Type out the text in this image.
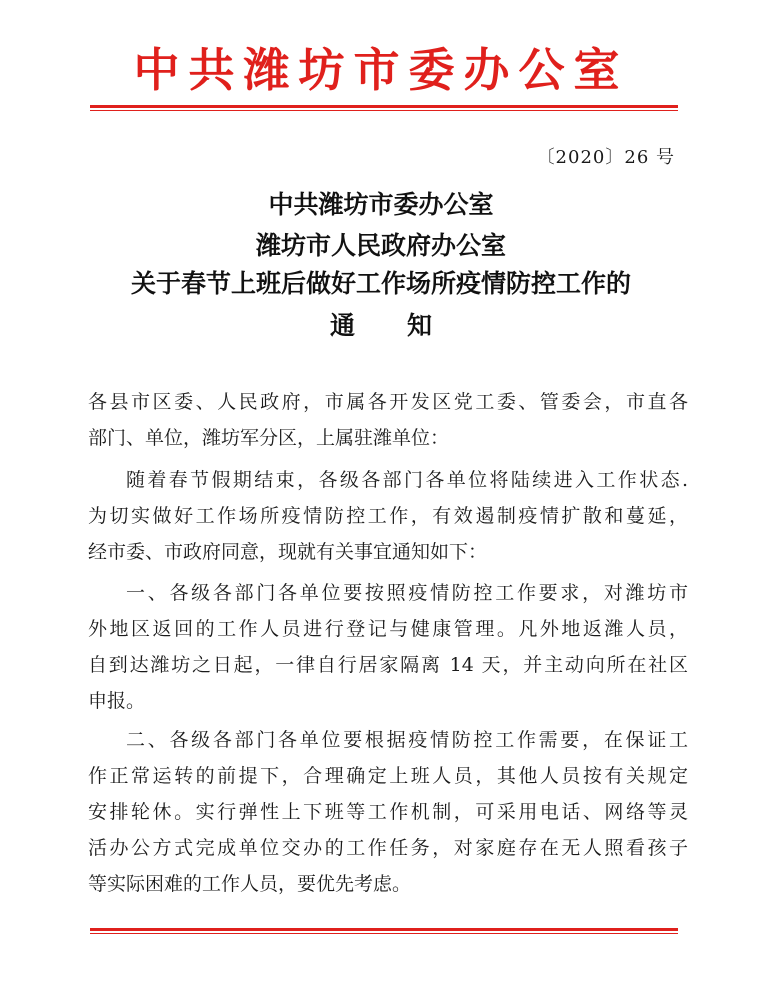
中共潍坊市委办公室
〔2020〕26 号
中共潍坊市委办公室
潍坊市人民政府办公室
关于春节上班后做好工作场所疫情防控工作的
通知
各县市区委、人民政府，市属各开发区党工委、管委会，市直各
部门、单位，潍坊军分区，上属驻潍单位：
随着春节假期结束，各级各部门各单位将陆续进入工作状态.
为切实做好工作场所疫情防控工作，有效遏制疫情扩散和蔓延，
经市委、市政府同意，现就有关事宜通知如下：
一、各级各部门各单位要按照疫情防控工作要求，对潍坊市
外地区返回的工作人员进行登记与健康管理。凡外地返潍人员，
自到达潍坊之日起，一律自行居家隔离 14 天，并主动向所在社区
申报。
二、各级各部门各单位要根据疫情防控工作需要，在保证工
作正常运转的前提下，合理确定上班人员，其他人员按有关规定
安排轮休。实行弹性上下班等工作机制，可采用电话、网络等灵
活办公方式完成单位交办的工作任务，对家庭存在无人照看孩子
等实际困难的工作人员，要优先考虑。
